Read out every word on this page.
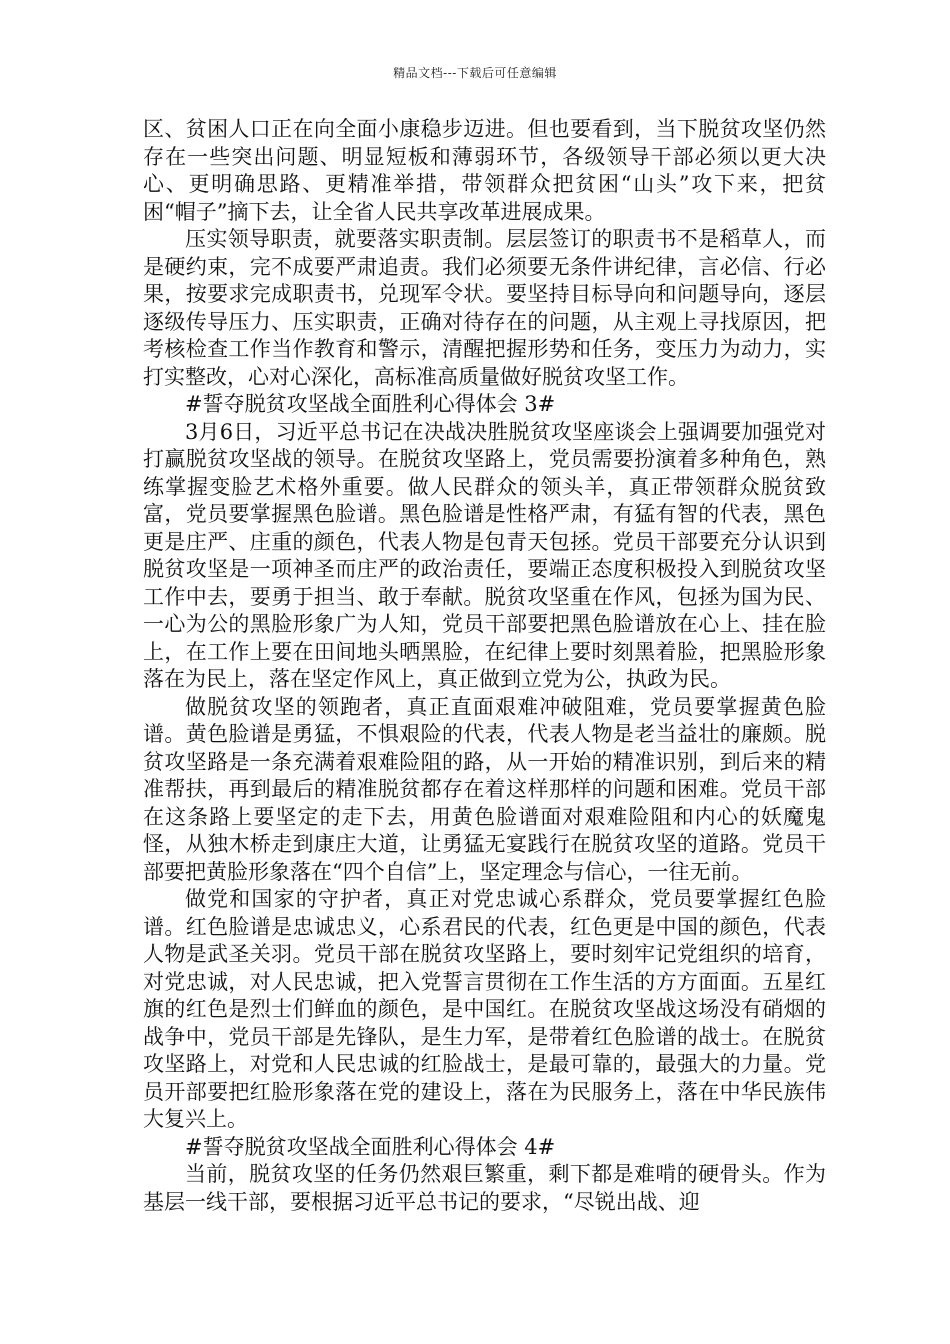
精品文档---下载后可任意编辑

区、贫困人口正在向全面小康稳步迈进。但也要看到，当下脱贫攻坚仍然存在一些突出问题、明显短板和薄弱环节，各级领导干部必须以更大决心、更明确思路、更精准举措，带领群众把贫困“山头”攻下来，把贫困“帽子”摘下去，让全省人民共享改革进展成果。

压实领导职责，就要落实职责制。层层签订的职责书不是稻草人，而是硬约束，完不成要严肃追责。我们必须要无条件讲纪律，言必信、行必果，按要求完成职责书，兑现军令状。要坚持目标导向和问题导向，逐层逐级传导压力、压实职责，正确对待存在的问题，从主观上寻找原因，把考核检查工作当作教育和警示，清醒把握形势和任务，变压力为动力，实打实整改，心对心深化，高标准高质量做好脱贫攻坚工作。

#誓夺脱贫攻坚战全面胜利心得体会 3#

3月6日，习近平总书记在决战决胜脱贫攻坚座谈会上强调要加强党对打赢脱贫攻坚战的领导。在脱贫攻坚路上，党员需要扮演着多种角色，熟练掌握变脸艺术格外重要。做人民群众的领头羊，真正带领群众脱贫致富，党员要掌握黑色脸谱。黑色脸谱是性格严肃，有猛有智的代表，黑色更是庄严、庄重的颜色，代表人物是包青天包拯。党员干部要充分认识到脱贫攻坚是一项神圣而庄严的政治责任，要端正态度积极投入到脱贫攻坚工作中去，要勇于担当、敢于奉献。脱贫攻坚重在作风，包拯为国为民、一心为公的黑脸形象广为人知，党员干部要把黑色脸谱放在心上、挂在脸上，在工作上要在田间地头晒黑脸，在纪律上要时刻黑着脸，把黑脸形象落在为民上，落在坚定作风上，真正做到立党为公，执政为民。

做脱贫攻坚的领跑者，真正直面艰难冲破阻难，党员要掌握黄色脸谱。黄色脸谱是勇猛，不惧艰险的代表，代表人物是老当益壮的廉颇。脱贫攻坚路是一条充满着艰难险阻的路，从一开始的精准识别，到后来的精准帮扶，再到最后的精准脱贫都存在着这样那样的问题和困难。党员干部在这条路上要坚定的走下去，用黄色脸谱面对艰难险阻和内心的妖魔鬼怪，从独木桥走到康庄大道，让勇猛无宴践行在脱贫攻坚的道路。党员干部要把黄脸形象落在“四个自信”上，坚定理念与信心，一往无前。

做党和国家的守护者，真正对党忠诚心系群众，党员要掌握红色脸谱。红色脸谱是忠诚忠义，心系君民的代表，红色更是中国的颜色，代表人物是武圣关羽。党员干部在脱贫攻坚路上，要时刻牢记党组织的培育，对党忠诚，对人民忠诚，把入党誓言贯彻在工作生活的方方面面。五星红旗的红色是烈士们鲜血的颜色，是中国红。在脱贫攻坚战这场没有硝烟的战争中，党员干部是先锋队，是生力军，是带着红色脸谱的战士。在脱贫攻坚路上，对党和人民忠诚的红脸战士，是最可靠的，最强大的力量。党员开部要把红脸形象落在党的建设上，落在为民服务上，落在中华民族伟大复兴上。

#誓夺脱贫攻坚战全面胜利心得体会 4#

当前，脱贫攻坚的任务仍然艰巨繁重，剩下都是难啃的硬骨头。作为基层一线干部，要根据习近平总书记的要求，“尽锐出战、迎
